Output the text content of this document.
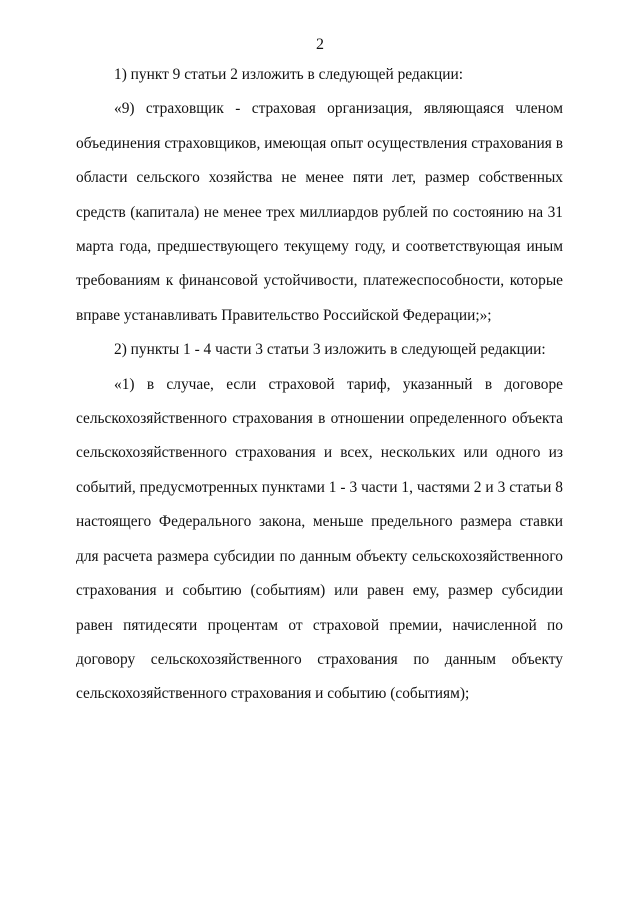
2

1) пункт 9 статьи 2 изложить в следующей редакции:

«9) страховщик - страховая организация, являющаяся членом объединения страховщиков, имеющая опыт осуществления страхования в области сельского хозяйства не менее пяти лет, размер собственных средств (капитала) не менее трех миллиардов рублей по состоянию на 31 марта года, предшествующего текущему году, и соответствующая иным требованиям к финансовой устойчивости, платежеспособности, которые вправе устанавливать Правительство Российской Федерации;»;

2) пункты 1 - 4 части 3 статьи 3 изложить в следующей редакции:

«1) в случае, если страховой тариф, указанный в договоре сельскохозяйственного страхования в отношении определенного объекта сельскохозяйственного страхования и всех, нескольких или одного из событий, предусмотренных пунктами 1 - 3 части 1, частями 2 и 3 статьи 8 настоящего Федерального закона, меньше предельного размера ставки для расчета размера субсидии по данным объекту сельскохозяйственного страхования и событию (событиям) или равен ему, размер субсидии равен пятидесяти процентам от страховой премии, начисленной по договору сельскохозяйственного страхования по данным объекту сельскохозяйственного страхования и событию (событиям);
